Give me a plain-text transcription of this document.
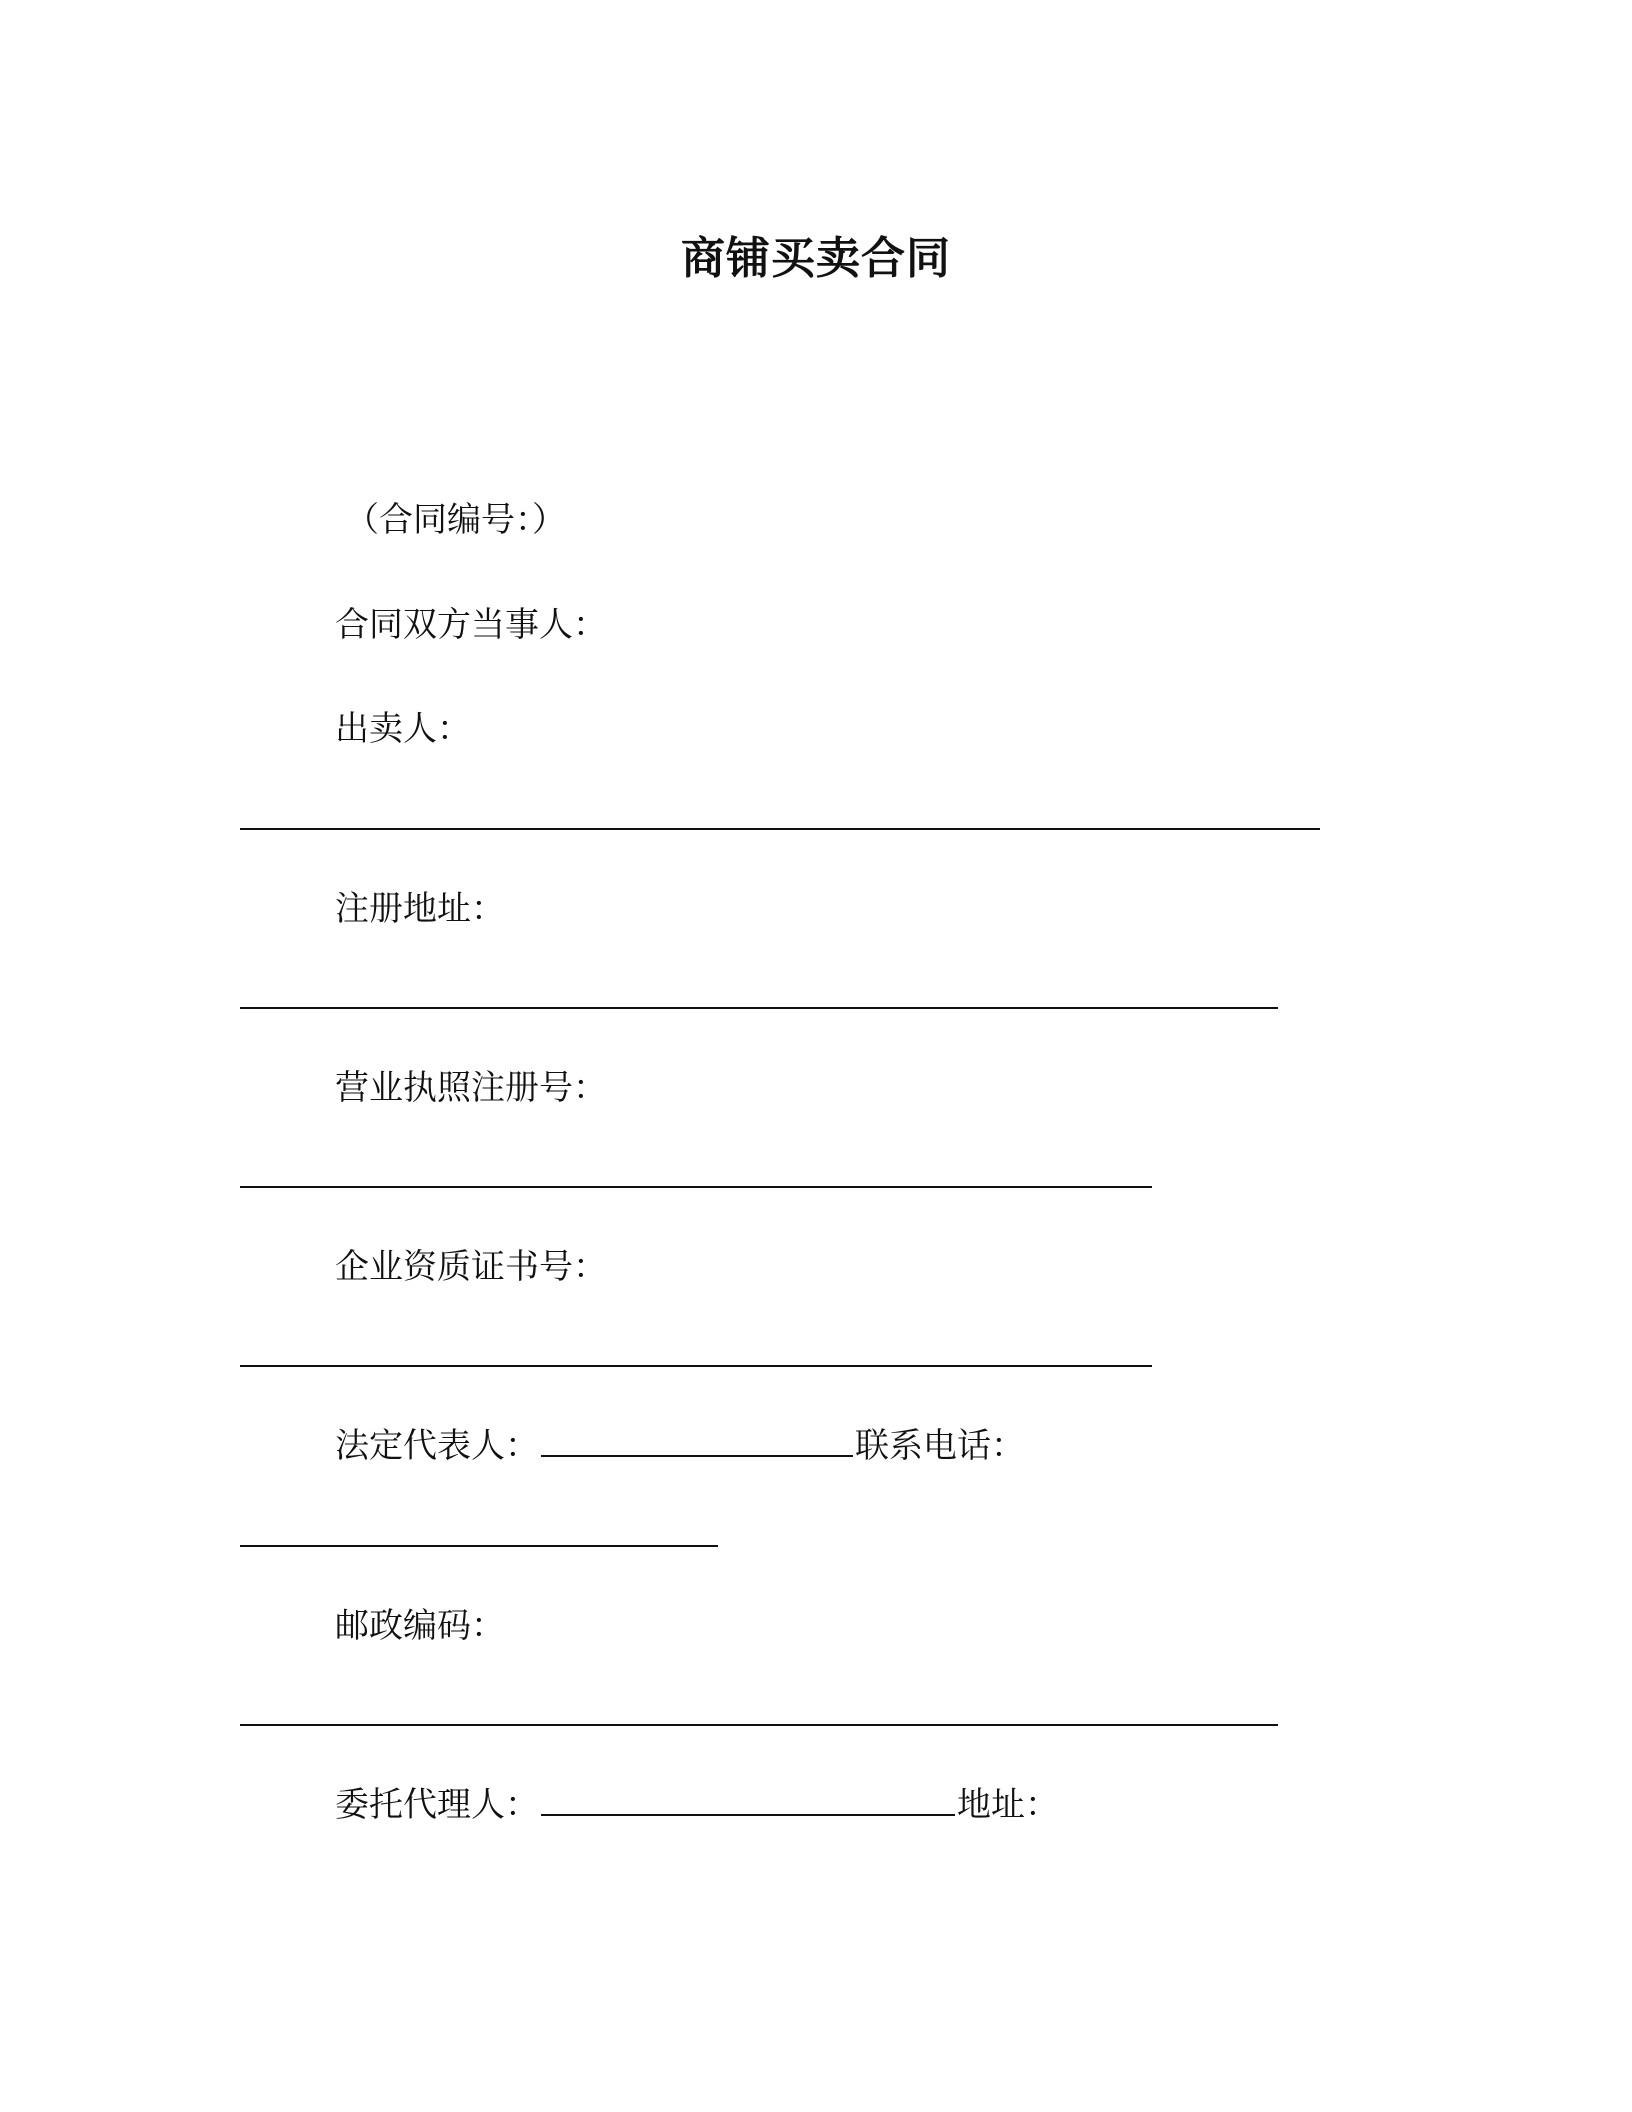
商铺买卖合同
（合同编号：）
合同双方当事人：
出卖人：
注册地址：
营业执照注册号：
企业资质证书号：
法定代表人：	联系电话：
邮政编码：
委托代理人：	地址：
